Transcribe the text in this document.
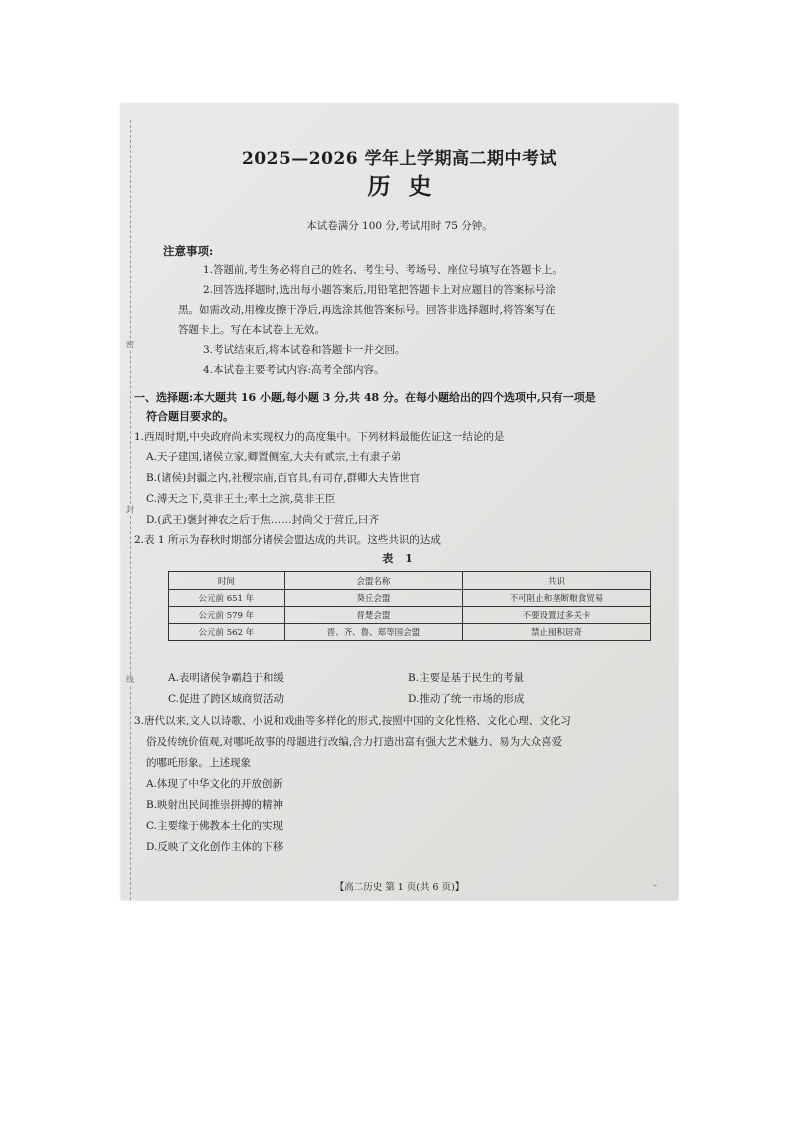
2025—2026 学年上学期高二期中考试
历史
本试卷满分 100 分,考试用时 75 分钟。
注意事项:
1.答题前,考生务必将自己的姓名、考生号、考场号、座位号填写在答题卡上。
2.回答选择题时,选出每小题答案后,用铅笔把答题卡上对应题目的答案标号涂
黑。如需改动,用橡皮擦干净后,再选涂其他答案标号。回答非选择题时,将答案写在
答题卡上。写在本试卷上无效。
3.考试结束后,将本试卷和答题卡一并交回。
4.本试卷主要考试内容:高考全部内容。
一、选择题:本大题共 16 小题,每小题 3 分,共 48 分。在每小题给出的四个选项中,只有一项是
符合题目要求的。
1.西周时期,中央政府尚未实现权力的高度集中。下列材料最能佐证这一结论的是
A.天子建国,诸侯立家,卿置侧室,大夫有贰宗,士有隶子弟
B.(诸侯)封疆之内,社稷宗庙,百官具,有司存,群卿大夫皆世官
C.溥天之下,莫非王土;率土之滨,莫非王臣
D.(武王)褒封神农之后于焦……封尚父于营丘,曰齐
2.表 1 所示为春秋时期部分诸侯会盟达成的共识。这些共识的达成
表 1
时间	会盟名称	共识
公元前 651 年	葵丘会盟	不可阻止和垄断粮食贸易
公元前 579 年	晋楚会盟	不要设置过多关卡
公元前 562 年	晋、齐、鲁、郑等国会盟	禁止囤积居奇
A.表明诸侯争霸趋于和缓	B.主要是基于民生的考量
C.促进了跨区域商贸活动	D.推动了统一市场的形成
3.唐代以来,文人以诗歌、小说和戏曲等多样化的形式,按照中国的文化性格、文化心理、文化习
俗及传统价值观,对哪吒故事的母题进行改编,合力打造出富有强大艺术魅力、易为大众喜爱
的哪吒形象。上述现象
A.体现了中华文化的开放创新
B.映射出民间推崇拼搏的精神
C.主要缘于佛教本土化的实现
D.反映了文化创作主体的下移
【高二历史 第 1 页(共 6 页)】	–
密
封
线
